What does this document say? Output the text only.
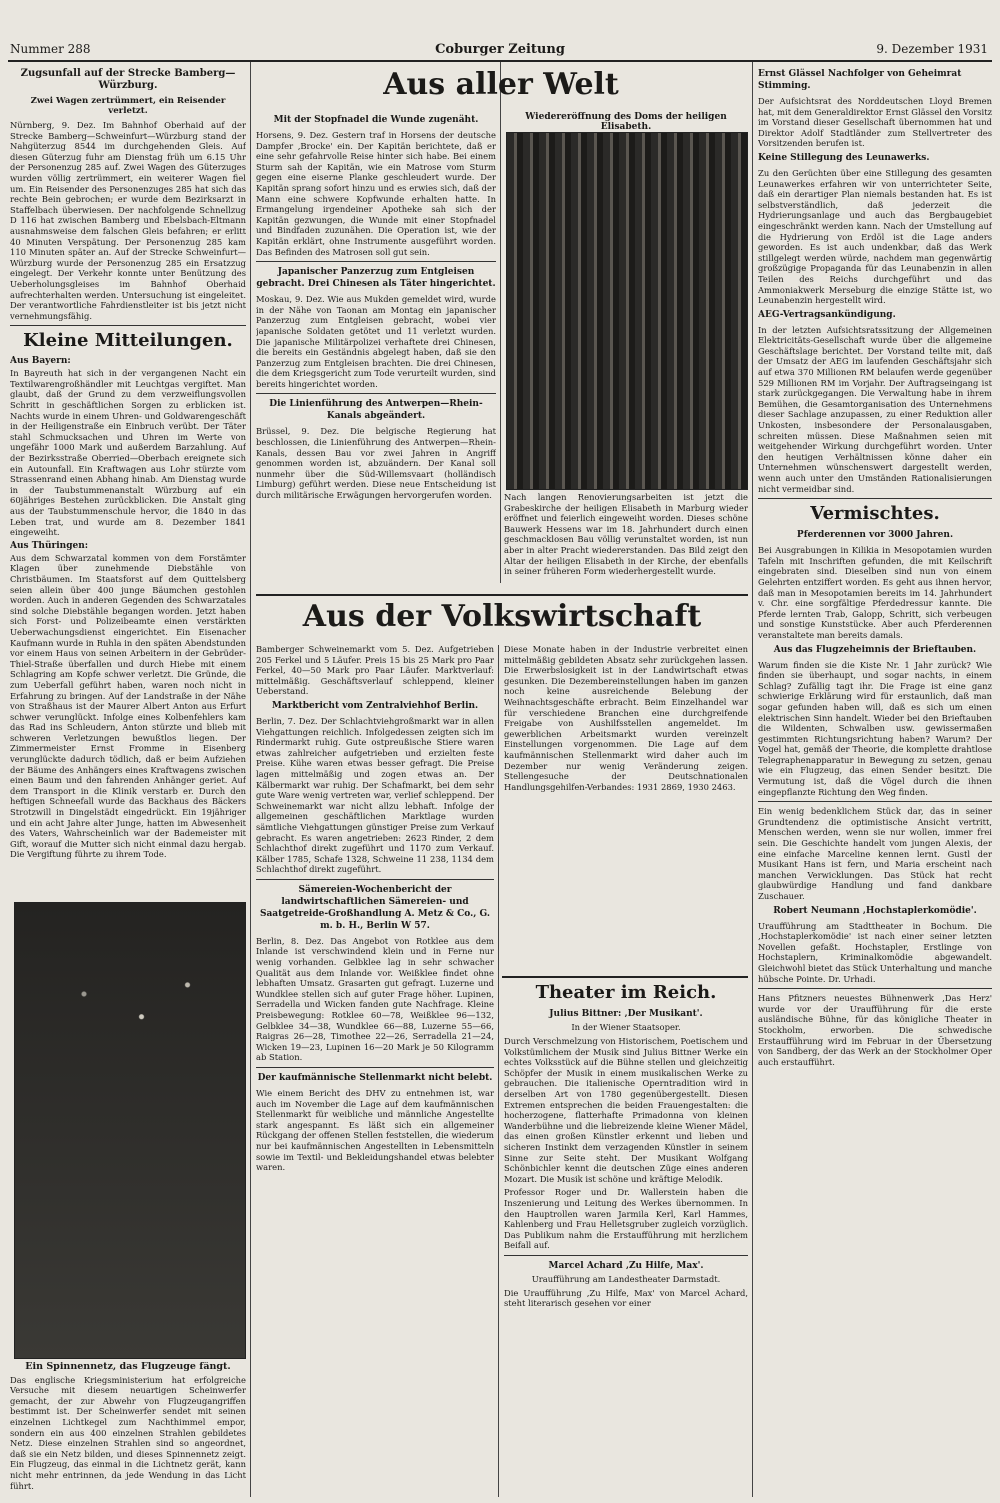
Nummer 288	Coburger Zeitung	9. Dezember 1931
Zugsunfall auf der Strecke Bamberg—Würzburg.
Zwei Wagen zertrümmert, ein Reisender verletzt.

Nürnberg, 9. Dez. Im Bahnhof Oberhaid auf der Strecke Bamberg—Schweinfurt—Würzburg stand der Nahgüterzug 8544 im durchgehenden Gleis. Auf diesen Güterzug fuhr am Dienstag früh um 6.15 Uhr der Personenzug 285 auf. Zwei Wagen des Güterzuges wurden völlig zertrümmert, ein weiterer Wagen fiel um. Ein Reisender des Personenzuges 285 hat sich das rechte Bein gebrochen; er wurde dem Bezirksarzt in Staffelbach überwiesen. Der nachfolgende Schnellzug D 116 hat zwischen Bamberg und Ebelsbach-Eltmann ausnahmsweise dem falschen Gleis befahren; er erlitt 40 Minuten Verspätung. Der Personenzug 285 kam 110 Minuten später an. Auf der Strecke Schweinfurt—Würzburg wurde der Personenzug 285 ein Ersatzzug eingelegt. Der Verkehr konnte unter Benützung des Ueberholungsgleises im Bahnhof Oberhaid aufrechterhalten werden. Untersuchung ist eingeleitet. Der verantwortliche Fahrdienstleiter ist bis jetzt nicht vernehmungsfähig.

Kleine Mitteilungen.
Aus Bayern:

In Bayreuth hat sich in der vergangenen Nacht ein Textilwarengroßhändler mit Leuchtgas vergiftet. Man glaubt, daß der Grund zu dem verzweiflungsvollen Schritt in geschäftlichen Sorgen zu erblicken ist. Nachts wurde in einem Uhren- und Goldwarengeschäft in der Heiligenstraße ein Einbruch verübt. Der Täter stahl Schmucksachen und Uhren im Werte von ungefähr 1000 Mark und außerdem Barzahlung. Auf der Bezirksstraße Oberried—Oberbach ereignete sich ein Autounfall. Ein Kraftwagen aus Lohr stürzte vom Strassenrand einen Abhang hinab. Am Dienstag wurde in der Taubstummenanstalt Würzburg auf ein 60jähriges Bestehen zurückblicken. Die Anstalt ging aus der Taubstummenschule hervor, die 1840 in das Leben trat, und wurde am 8. Dezember 1841 eingeweiht.

Aus Thüringen:

Aus dem Schwarzatal kommen von dem Forstämter Klagen über zunehmende Diebstähle von Christbäumen. Im Staatsforst auf dem Quittelsberg seien allein über 400 junge Bäumchen gestohlen worden. Auch in anderen Gegenden des Schwarzatales sind solche Diebstähle begangen worden. Jetzt haben sich Forst- und Polizeibeamte einen verstärkten Ueberwachungsdienst eingerichtet. Ein Eisenacher Kaufmann wurde in Ruhla in den späten Abendstunden vor einem Haus von seinen Arbeitern in der Gebrüder-Thiel-Straße überfallen und durch Hiebe mit einem Schlagring am Kopfe schwer verletzt. Die Gründe, die zum Ueberfall geführt haben, waren noch nicht in Erfahrung zu bringen. Auf der Landstraße in der Nähe von Straßhaus ist der Maurer Albert Anton aus Erfurt schwer verunglückt. Infolge eines Kolbenfehlers kam das Rad ins Schleudern, Anton stürzte und blieb mit schweren Verletzungen bewußtlos liegen. Der Zimmermeister Ernst Fromme in Eisenberg verunglückte dadurch tödlich, daß er beim Aufziehen der Bäume des Anhängers eines Kraftwagens zwischen einen Baum und den fahrenden Anhänger geriet. Auf dem Transport in die Klinik verstarb er. Durch den heftigen Schneefall wurde das Backhaus des Bäckers Strotzwill in Dingelstädt eingedrückt. Ein 19jähriger und ein acht Jahre alter Junge, hatten im Abwesenheit des Vaters, Wahrscheinlich war der Bademeister mit Gift, worauf die Mutter sich nicht einmal dazu hergab. Die Vergiftung führte zu ihrem Tode.

Ein Spinnennetz, das Flugzeuge fängt.
Das englische Kriegsministerium hat erfolgreiche Versuche mit diesem neuartigen Scheinwerfer gemacht, der zur Abwehr von Flugzeugangriffen bestimmt ist. Der Scheinwerfer sendet mit seinen einzelnen Lichtkegel zum Nachthimmel empor, sondern ein aus 400 einzelnen Strahlen gebildetes Netz. Diese einzelnen Strahlen sind so angeordnet, daß sie ein Netz bilden, und dieses Spinnennetz zeigt. Ein Flugzeug, das einmal in die Lichtnetz gerät, kann nicht mehr entrinnen, da jede Wendung in das Licht führt.
Aus aller Welt
Mit der Stopfnadel die Wunde zugenäht.

Horsens, 9. Dez. Gestern traf in Horsens der deutsche Dampfer ‚Brocke' ein. Der Kapitän berichtete, daß er eine sehr gefahrvolle Reise hinter sich habe. Bei einem Sturm sah der Kapitän, wie ein Matrose vom Sturm gegen eine eiserne Planke geschleudert wurde. Der Kapitän sprang sofort hinzu und es erwies sich, daß der Mann eine schwere Kopfwunde erhalten hatte. In Ermangelung irgendeiner Apotheke sah sich der Kapitän gezwungen, die Wunde mit einer Stopfnadel und Bindfaden zuzunähen. Die Operation ist, wie der Kapitän erklärt, ohne Instrumente ausgeführt worden. Das Befinden des Matrosen soll gut sein.

Japanischer Panzerzug zum Entgleisen gebracht. Drei Chinesen als Täter hingerichtet.

Moskau, 9. Dez. Wie aus Mukden gemeldet wird, wurde in der Nähe von Taonan am Montag ein japanischer Panzerzug zum Entgleisen gebracht, wobei vier japanische Soldaten getötet und 11 verletzt wurden. Die japanische Militärpolizei verhaftete drei Chinesen, die bereits ein Geständnis abgelegt haben, daß sie den Panzerzug zum Entgleisen brachten. Die drei Chinesen, die dem Kriegsgericht zum Tode verurteilt wurden, sind bereits hingerichtet worden.

Die Linienführung des Antwerpen—Rhein-Kanals abgeändert.

Brüssel, 9. Dez. Die belgische Regierung hat beschlossen, die Linienführung des Antwerpen—Rhein-Kanals, dessen Bau vor zwei Jahren in Angriff genommen worden ist, abzuändern. Der Kanal soll nunmehr über die Süd-Willemsvaart (holländisch Limburg) geführt werden. Diese neue Entscheidung ist durch militärische Erwägungen hervorgerufen worden.

Wiedereröffnung des Doms der heiligen Elisabeth.
Nach langen Renovierungsarbeiten ist jetzt die Grabeskirche der heiligen Elisabeth in Marburg wieder eröffnet und feierlich eingeweiht worden. Dieses schöne Bauwerk Hessens war im 18. Jahrhundert durch einen geschmacklosen Bau völlig verunstaltet worden, ist nun aber in alter Pracht wiedererstanden. Das Bild zeigt den Altar der heiligen Elisabeth in der Kirche, der ebenfalls in seiner früheren Form wiederhergestellt wurde.
Aus der Volkswirtschaft

Bamberger Schweinemarkt vom 5. Dez. Aufgetrieben 205 Ferkel und 5 Läufer. Preis 15 bis 25 Mark pro Paar Ferkel, 40—50 Mark pro Paar Läufer. Marktverlauf: mittelmäßig. Geschäftsverlauf schleppend, kleiner Ueberstand.

Marktbericht vom Zentralviehhof Berlin.

Berlin, 7. Dez. Der Schlachtviehgroßmarkt war in allen Viehgattungen reichlich. Infolgedessen zeigten sich im Rindermarkt ruhig. Gute ostpreußische Stiere waren etwas zahlreicher aufgetrieben und erzielten feste Preise. Kühe waren etwas besser gefragt. Die Preise lagen mittelmäßig und zogen etwas an. Der Kälbermarkt war ruhig. Der Schafmarkt, bei dem sehr gute Ware wenig vertreten war, verlief schleppend. Der Schweinemarkt war nicht allzu lebhaft. Infolge der allgemeinen geschäftlichen Marktlage wurden sämtliche Viehgattungen günstiger Preise zum Verkauf gebracht. Es waren angetrieben: 2623 Rinder, 2 dem Schlachthof direkt zugeführt und 1170 zum Verkauf. Kälber 1785, Schafe 1328, Schweine 11 238, 1134 dem Schlachthof direkt zugeführt.

Sämereien-Wochenbericht der landwirtschaftlichen Sämereien- und Saatgetreide-Großhandlung A. Metz & Co., G. m. b. H., Berlin W 57.

Berlin, 8. Dez. Das Angebot von Rotklee aus dem Inlande ist verschwindend klein und in Ferne nur wenig vorhanden. Gelbklee lag in sehr schwacher Qualität aus dem Inlande vor. Weißklee findet ohne lebhaften Umsatz. Grasarten gut gefragt. Luzerne und Wundklee stellen sich auf guter Frage höher. Lupinen, Serradella und Wicken fanden gute Nachfrage. Kleine Preisbewegung: Rotklee 60—78, Weißklee 96—132, Gelbklee 34—38, Wundklee 66—88, Luzerne 55—66, Raigras 26—28, Timothee 22—26, Serradella 21—24, Wicken 19—23, Lupinen 16—20 Mark je 50 Kilogramm ab Station.

Der kaufmännische Stellenmarkt nicht belebt.

Wie einem Bericht des DHV zu entnehmen ist, war auch im November die Lage auf dem kaufmännischen Stellenmarkt für weibliche und männliche Angestellte stark angespannt. Es läßt sich ein allgemeiner Rückgang der offenen Stellen feststellen, die wiederum nur bei kaufmännischen Angestellten in Lebensmitteln sowie im Textil- und Bekleidungshandel etwas belebter waren.

Diese Monate haben in der Industrie verbreitet einen mittelmäßig gebildeten Absatz sehr zurückgehen lassen. Die Erwerbslosigkeit ist in der Landwirtschaft etwas gesunken. Die Dezembereinstellungen haben im ganzen noch keine ausreichende Belebung der Weihnachtsgeschäfte erbracht. Beim Einzelhandel war für verschiedene Branchen eine durchgreifende Freigabe von Aushilfsstellen angemeldet. Im gewerblichen Arbeitsmarkt wurden vereinzelt Einstellungen vorgenommen. Die Lage auf dem kaufmännischen Stellenmarkt wird daher auch im Dezember nur wenig Veränderung zeigen. Stellengesuche der Deutschnationalen Handlungsgehilfen-Verbandes: 1931 2869, 1930 2463.

Theater im Reich.
Julius Bittner: ‚Der Musikant'.
In der Wiener Staatsoper.

Durch Verschmelzung von Historischem, Poetischem und Volkstümlichem der Musik sind Julius Bittner Werke ein echtes Volksstück auf die Bühne stellen und gleichzeitig Schöpfer der Musik in einem musikalischen Werke zu gebrauchen. Die italienische Operntradition wird in derselben Art von 1780 gegenübergestellt. Diesen Extremen entsprechen die beiden Frauengestalten: die hocherzogene, flatterhafte Primadonna von kleinen Wanderbühne und die liebreizende kleine Wiener Mädel, das einen großen Künstler erkennt und lieben und sicheren Instinkt dem verzagenden Künstler in seinem Sinne zur Seite steht. Der Musikant Wolfgang Schönbichler kennt die deutschen Züge eines anderen Mozart. Die Musik ist schöne und kräftige Melodik.

Professor Roger und Dr. Wallerstein haben die Inszenierung und Leitung des Werkes übernommen. In den Hauptrollen waren Jarmila Kerl, Karl Hammes, Kahlenberg und Frau Helletsgruber zugleich vorzüglich. Das Publikum nahm die Erstaufführung mit herzlichem Beifall auf.

Marcel Achard ‚Zu Hilfe, Max'.
Uraufführung am Landestheater Darmstadt.

Die Uraufführung ‚Zu Hilfe, Max' von Marcel Achard, steht literarisch gesehen vor einer

Ernst Glässel Nachfolger von Geheimrat Stimming.

Der Aufsichtsrat des Norddeutschen Lloyd Bremen hat, mit dem Generaldirektor Ernst Glässel den Vorsitz im Vorstand dieser Gesellschaft übernommen hat und Direktor Adolf Stadtländer zum Stellvertreter des Vorsitzenden berufen ist.

Keine Stillegung des Leunawerks.

Zu den Gerüchten über eine Stillegung des gesamten Leunawerkes erfahren wir von unterrichteter Seite, daß ein derartiger Plan niemals bestanden hat. Es ist selbstverständlich, daß jederzeit die Hydrierungsanlage und auch das Bergbaugebiet eingeschränkt werden kann. Nach der Umstellung auf die Hydrierung von Erdöl ist die Lage anders geworden. Es ist auch undenkbar, daß das Werk stillgelegt werden würde, nachdem man gegenwärtig großzügige Propaganda für das Leunabenzin in allen Teilen des Reichs durchgeführt und das Ammoniakwerk Merseburg die einzige Stätte ist, wo Leunabenzin hergestellt wird.

AEG-Vertragsankündigung.

In der letzten Aufsichtsratssitzung der Allgemeinen Elektricitäts-Gesellschaft wurde über die allgemeine Geschäftslage berichtet. Der Vorstand teilte mit, daß der Umsatz der AEG im laufenden Geschäftsjahr sich auf etwa 370 Millionen RM belaufen werde gegenüber 529 Millionen RM im Vorjahr. Der Auftragseingang ist stark zurückgegangen. Die Verwaltung habe in ihrem Bemühen, die Gesamtorganisation des Unternehmens dieser Sachlage anzupassen, zu einer Reduktion aller Unkosten, insbesondere der Personalausgaben, schreiten müssen. Diese Maßnahmen seien mit weitgehender Wirkung durchgeführt worden. Unter den heutigen Verhältnissen könne daher ein Unternehmen wünschenswert dargestellt werden, wenn auch unter den Umständen Rationalisierungen nicht vermeidbar sind.

Vermischtes.
Pferderennen vor 3000 Jahren.

Bei Ausgrabungen in Kilikia in Mesopotamien wurden Tafeln mit Inschriften gefunden, die mit Keilschrift eingebraten sind. Dieselben sind nun von einem Gelehrten entziffert worden. Es geht aus ihnen hervor, daß man in Mesopotamien bereits im 14. Jahrhundert v. Chr. eine sorgfältige Pferdedressur kannte. Die Pferde lernten Trab, Galopp, Schritt, sich verbeugen und sonstige Kunststücke. Aber auch Pferderennen veranstaltete man bereits damals.

Aus das Flugzeheimnis der Brieftauben.

Warum finden sie die Kiste Nr. 1 Jahr zurück? Wie finden sie überhaupt, und sogar nachts, in einem Schlag? Zufällig tagt ihr. Die Frage ist eine ganz schwierige Erklärung wird für erstaunlich, daß man sogar gefunden haben will, daß es sich um einen elektrischen Sinn handelt. Wieder bei den Brieftauben die Wildenten, Schwalben usw. gewissermaßen gestimmten Richtungsrichtung haben? Warum? Der Vogel hat, gemäß der Theorie, die komplette drahtlose Telegraphenapparatur in Bewegung zu setzen, genau wie ein Flugzeug, das einen Sender besitzt. Die Vermutung ist, daß die Vögel durch die ihnen eingepflanzte Richtung den Weg finden.

Ein wenig bedenklichem Stück dar, das in seiner Grundtendenz die optimistische Ansicht vertritt, Menschen werden, wenn sie nur wollen, immer frei sein. Die Geschichte handelt vom jungen Alexis, der eine einfache Marceline kennen lernt. Gustl der Musikant Hans ist fern, und Maria erscheint nach manchen Verwicklungen. Das Stück hat recht glaubwürdige Handlung und fand dankbare Zuschauer.

Robert Neumann ‚Hochstaplerkomödie'.

Uraufführung am Stadttheater in Bochum. Die ‚Hochstaplerkomödie' ist nach einer seiner letzten Novellen gefaßt. Hochstapler, Erstlinge von Hochstaplern, Kriminalkomödie abgewandelt. Gleichwohl bietet das Stück Unterhaltung und manche hübsche Pointe. Dr. Urhadi.

Hans Pfitzners neuestes Bühnenwerk ‚Das Herz' wurde vor der Uraufführung für die erste ausländische Bühne, für das königliche Theater in Stockholm, erworben. Die schwedische Erstaufführung wird im Februar in der Übersetzung von Sandberg, der das Werk an der Stockholmer Oper auch erstaufführt.
